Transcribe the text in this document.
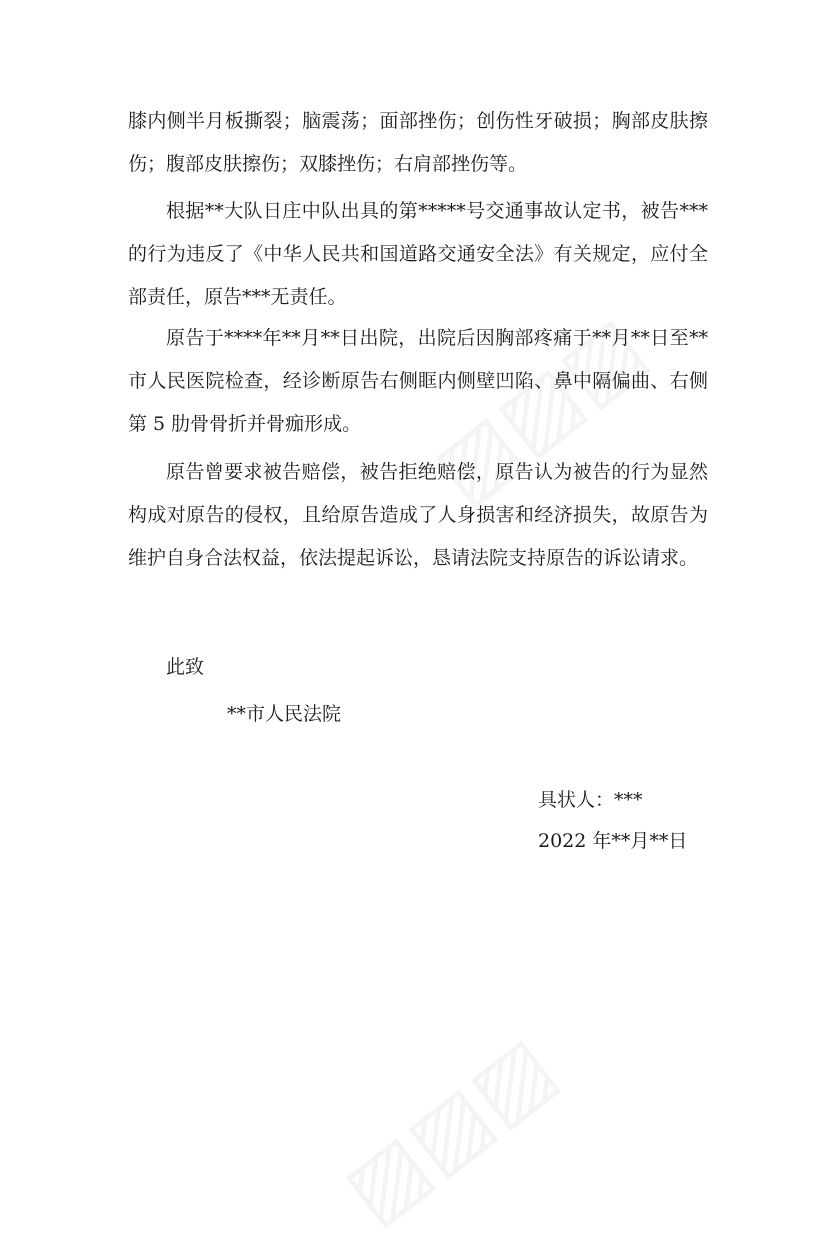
膝内侧半月板撕裂；脑震荡；面部挫伤；创伤性牙破损；胸部皮肤擦伤；腹部皮肤擦伤；双膝挫伤；右肩部挫伤等。

根据**大队日庄中队出具的第*****号交通事故认定书，被告***的行为违反了《中华人民共和国道路交通安全法》有关规定，应付全部责任，原告***无责任。

原告于****年**月**日出院，出院后因胸部疼痛于**月**日至**市人民医院检查，经诊断原告右侧眶内侧壁凹陷、鼻中隔偏曲、右侧第 5 肋骨骨折并骨痂形成。

原告曾要求被告赔偿，被告拒绝赔偿，原告认为被告的行为显然构成对原告的侵权，且给原告造成了人身损害和经济损失，故原告为维护自身合法权益，依法提起诉讼，恳请法院支持原告的诉讼请求。

此致
**市人民法院
具状人：***
2022 年**月**日
